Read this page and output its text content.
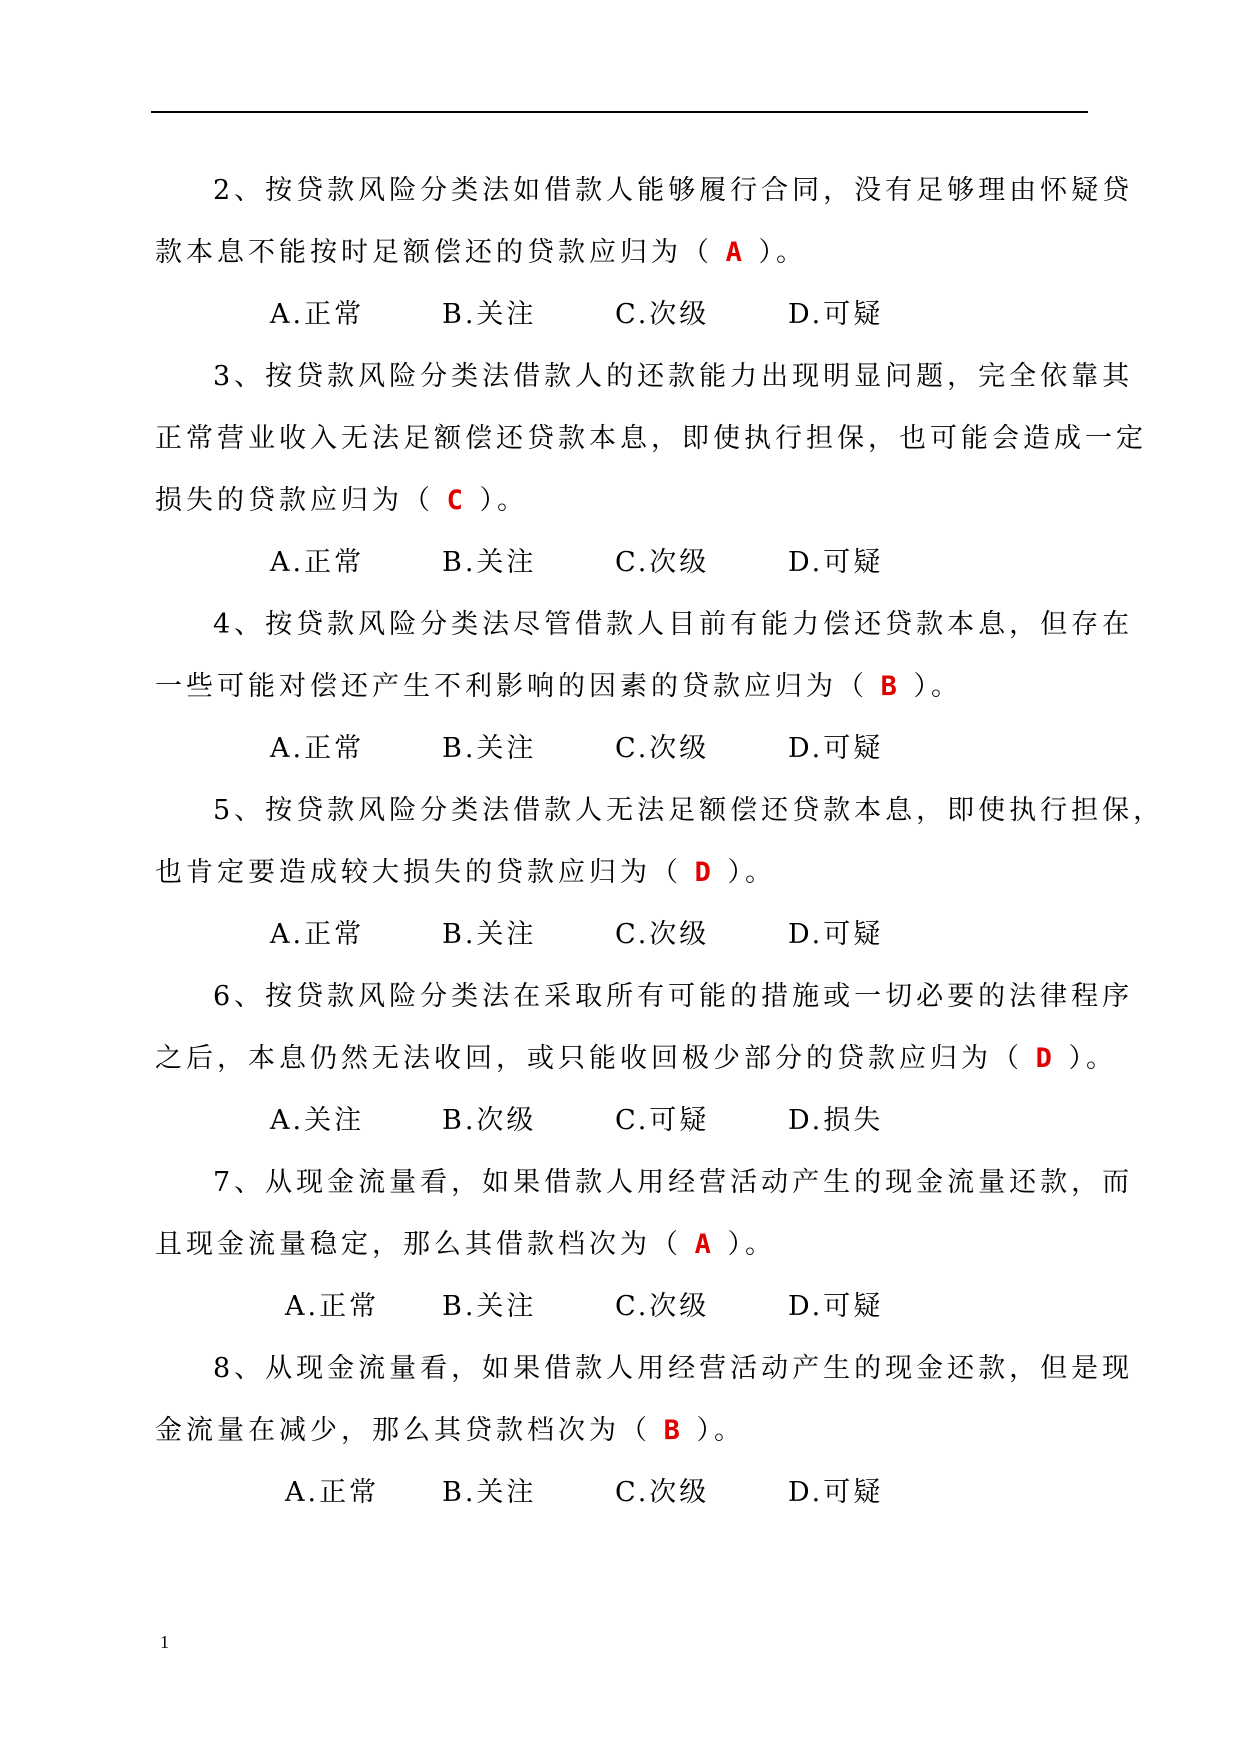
2、按贷款风险分类法如借款人能够履行合同，没有足够理由怀疑贷
款本息不能按时足额偿还的贷款应归为（ A ）。
A.正常	B.关注	C.次级	D.可疑
3、按贷款风险分类法借款人的还款能力出现明显问题，完全依靠其
正常营业收入无法足额偿还贷款本息，即使执行担保，也可能会造成一定
损失的贷款应归为（ C ）。
A.正常	B.关注	C.次级	D.可疑
4、按贷款风险分类法尽管借款人目前有能力偿还贷款本息，但存在
一些可能对偿还产生不利影响的因素的贷款应归为（ B ）。
A.正常	B.关注	C.次级	D.可疑
5、按贷款风险分类法借款人无法足额偿还贷款本息，即使执行担保，
也肯定要造成较大损失的贷款应归为（ D ）。
A.正常	B.关注	C.次级	D.可疑
6、按贷款风险分类法在采取所有可能的措施或一切必要的法律程序
之后，本息仍然无法收回，或只能收回极少部分的贷款应归为（ D ）。
A.关注	B.次级	C.可疑	D.损失
7、从现金流量看，如果借款人用经营活动产生的现金流量还款，而
且现金流量稳定，那么其借款档次为（ A ）。
A.正常 B.关注	C.次级	D.可疑
8、从现金流量看，如果借款人用经营活动产生的现金还款，但是现
金流量在减少，那么其贷款档次为（ B ）。
A.正常 B.关注	C.次级	D.可疑
1
